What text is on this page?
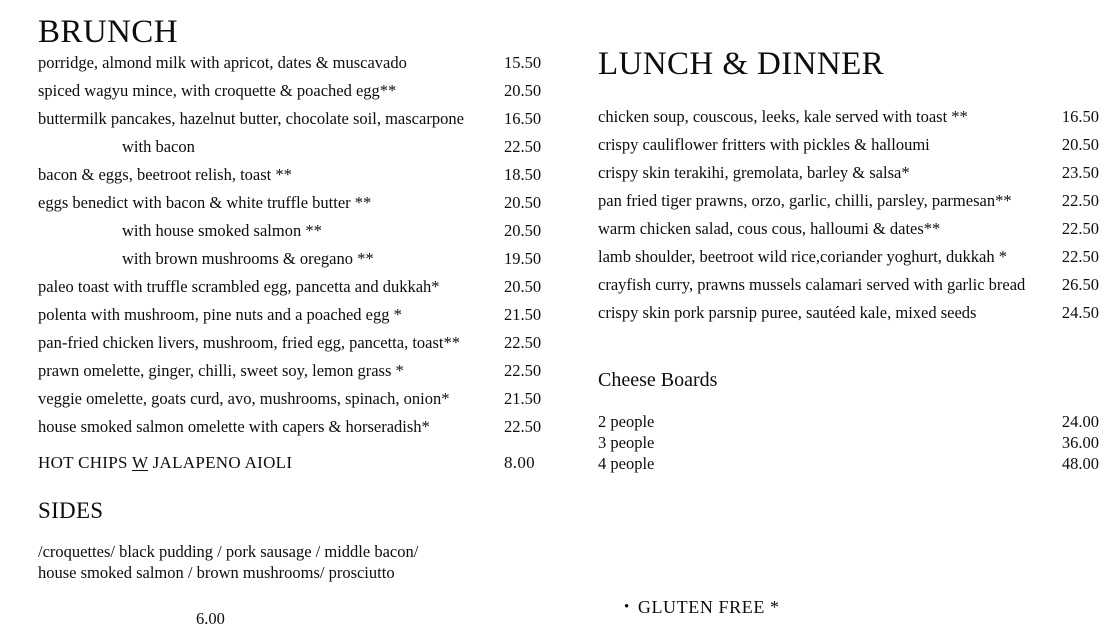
BRUNCH
porridge, almond milk with apricot, dates & muscavado	15.50
spiced wagyu mince, with croquette & poached egg**	20.50
buttermilk pancakes, hazelnut butter, chocolate soil, mascarpone 16.50
with bacon	22.50
bacon & eggs, beetroot relish, toast **	18.50
eggs benedict with bacon & white truffle butter **	20.50
with house smoked salmon **	20.50
with brown mushrooms & oregano **	19.50
paleo toast with truffle scrambled egg, pancetta and dukkah*	20.50
polenta with mushroom, pine nuts and a poached egg *	21.50
pan-fried chicken livers, mushroom, fried egg, pancetta, toast**	22.50
prawn omelette, ginger, chilli, sweet soy, lemon grass *	22.50
veggie omelette, goats curd, avo, mushrooms, spinach, onion*	21.50
house smoked salmon omelette with capers & horseradish*	22.50
HOT CHIPS W JALAPENO AIOLI	8.00
SIDES
/croquettes/ black pudding / pork sausage / middle bacon/
house smoked salmon / brown mushrooms/ prosciutto
6.00
LUNCH & DINNER
chicken soup, couscous, leeks, kale served with toast **	16.50
crispy cauliflower fritters with pickles & halloumi	20.50
crispy skin terakihi, gremolata, barley & salsa*	23.50
pan fried tiger prawns, orzo, garlic, chilli, parsley, parmesan**	22.50
warm chicken salad, cous cous, halloumi & dates**	22.50
lamb shoulder, beetroot wild rice,coriander yoghurt, dukkah *	22.50
crayfish curry, prawns mussels calamari served with garlic bread	26.50
crispy skin pork parsnip puree, sautéed kale, mixed seeds	24.50
Cheese Boards
2 people	24.00
3 people	36.00
4 people	48.00
• GLUTEN FREE *
